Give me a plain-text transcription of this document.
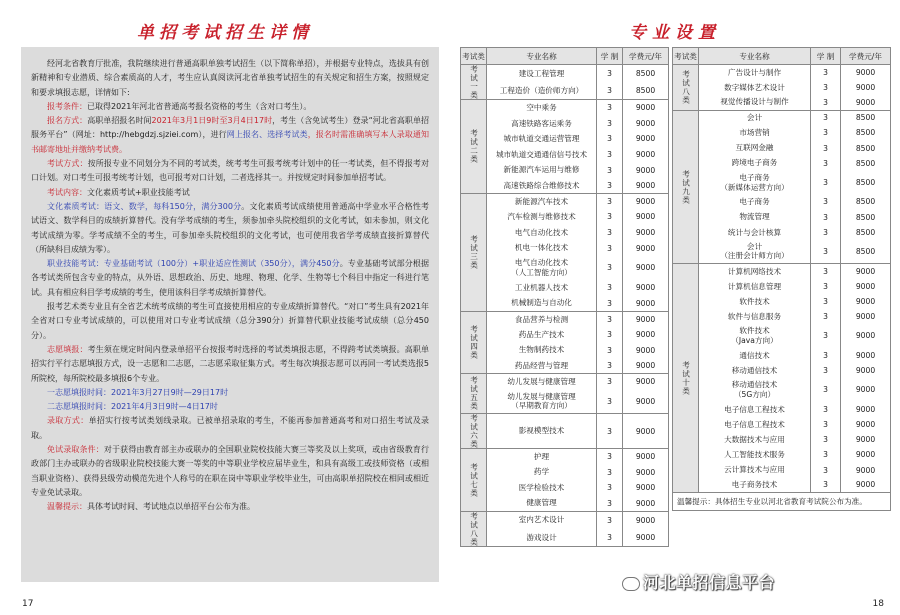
单招考试招生详情

经河北省教育厅批准，我院继续进行普通高职单独考试招生（以下简称单招），并根据专业特点，选拔具有创新精神和专业潜质、综合素质高的人才，考生应认真阅读河北省单独考试招生的有关规定和招生方案，按照规定和要求填报志愿，详情如下:

报考条件：已取得2021年河北省普通高考报名资格的考生（含对口考生）。

报名方式：高职单招报名时间2021年3月1日9时至3月4日17时，考生（含免试考生）登录“河北省高职单招服务平台”（网址：http://hebgdzj.sjziei.com），进行网上报名、选择考试类，报名时需准确填写本人录取通知书邮寄地址并缴纳考试费。

考试方式：按所报专业不同划分为不同的考试类，统考考生可报考统考计划中的任一考试类，但不得报考对口计划。对口考生可报考统考计划，也可报考对口计划，二者选择其一。并按规定时间参加单招考试。

考试内容：文化素质考试+职业技能考试

文化素质考试：语文、数学，每科150分，满分300分。文化素质考试成绩使用普通高中学业水平合格性考试语文、数学科目的成绩折算替代。没有学考成绩的考生，须参加牵头院校组织的文化考试，如未参加，则文化考试成绩为零。学考成绩不全的考生，可参加牵头院校组织的文化考试，也可使用我省学考成绩直接折算替代（所缺科目成绩为零）。

职业技能考试：专业基础考试（100分）+职业适应性测试（350分），满分450分。专业基础考试部分根据各考试类所包含专业的特点，从外语、思想政治、历史、地理、物理、化学、生物等七个科目中指定一科进行笔试。具有相应科目学考成绩的考生，使用该科目学考成绩折算替代。

报考艺术类专业且有全省艺术统考成绩的考生可直接使用相应的专业成绩折算替代。“对口”考生具有2021年全省对口专业考试成绩的，可以使用对口专业考试成绩（总分390分）折算替代职业技能考试成绩（总分450分）。

志愿填报：考生须在规定时间内登录单招平台按报考时选择的考试类填报志愿，不得跨考试类填报。高职单招实行平行志愿填报方式，设一志愿和二志愿，二志愿采取征集方式。考生每次填报志愿可以再同一考试类选报5所院校，每所院校最多填报6个专业。

一志愿填报时间：2021年3月27日9时—29日17时

二志愿填报时间：2021年4月3日9时—4日17时

录取方式：单招实行按考试类划线录取。已被单招录取的考生，不能再参加普通高考和对口招生考试及录取。

免试录取条件：对于获得由教育部主办或联办的全国职业院校技能大赛三等奖及以上奖项，或由省级教育行政部门主办或联办的省级职业院校技能大赛一等奖的中等职业学校应届毕业生，和具有高级工或技师资格（或相当职业资格）、获得县级劳动模范先进个人称号的在职在岗中等职业学校毕业生，可由高职单招院校在相同或相近专业免试录取。

温馨提示：具体考试时间、考试地点以单招平台公布为准。

17
专业设置
考试类	专业名称	学 制	学费元/年
考试一类	建设工程管理	3	8500
	工程造价（造价师方向）	3	8500
考试二类	空中乘务	3	9000
	高速铁路客运乘务	3	9000
	城市轨道交通运营管理	3	9000
	城市轨道交通通信信号技术	3	9000
	新能源汽车运用与维修	3	9000
	高速铁路综合维修技术	3	9000
考试三类	新能源汽车技术	3	9000
	汽车检测与维修技术	3	9000
	电气自动化技术	3	9000
	机电一体化技术	3	9000
	电气自动化技术
（人工智能方向）	3	9000
	工业机器人技术	3	9000
	机械制造与自动化	3	9000
考试四类	食品营养与检测	3	9000
	药品生产技术	3	9000
	生物制药技术	3	9000
	药品经营与管理	3	9000
考试五类	幼儿发展与健康管理	3	9000
	幼儿发展与健康管理
（早期教育方向）	3	9000
考试六类	影视模型技术	3	9000
考试七类	护理	3	9000
	药学	3	9000
	医学检验技术	3	9000
	健康管理	3	9000
考试八类	室内艺术设计	3	9000
	游戏设计	3	9000
考试类	专业名称	学 制	学费元/年
考试八类	广告设计与制作	3	9000
	数字媒体艺术设计	3	9000
	视觉传播设计与制作	3	9000
考试九类	会计	3	8500
	市场营销	3	8500
	互联网金融	3	8500
	跨境电子商务	3	8500
	电子商务
（新媒体运营方向）	3	8500
	电子商务	3	8500
	物流管理	3	8500
	统计与会计核算	3	8500
	会计
（注册会计师方向）	3	8500
考试十类	计算机网络技术	3	9000
	计算机信息管理	3	9000
	软件技术	3	9000
	软件与信息服务	3	9000
	软件技术
（Java方向）	3	9000
	通信技术	3	9000
	移动通信技术	3	9000
	移动通信技术
（5G方向）	3	9000
	电子信息工程技术	3	9000
	电子信息工程技术	3	9000
	大数据技术与应用	3	9000
	人工智能技术服务	3	9000
	云计算技术与应用	3	9000
	电子商务技术	3	9000
温馨提示：具体招生专业以河北省教育考试院公布为准。			
河北单招信息平台
18
